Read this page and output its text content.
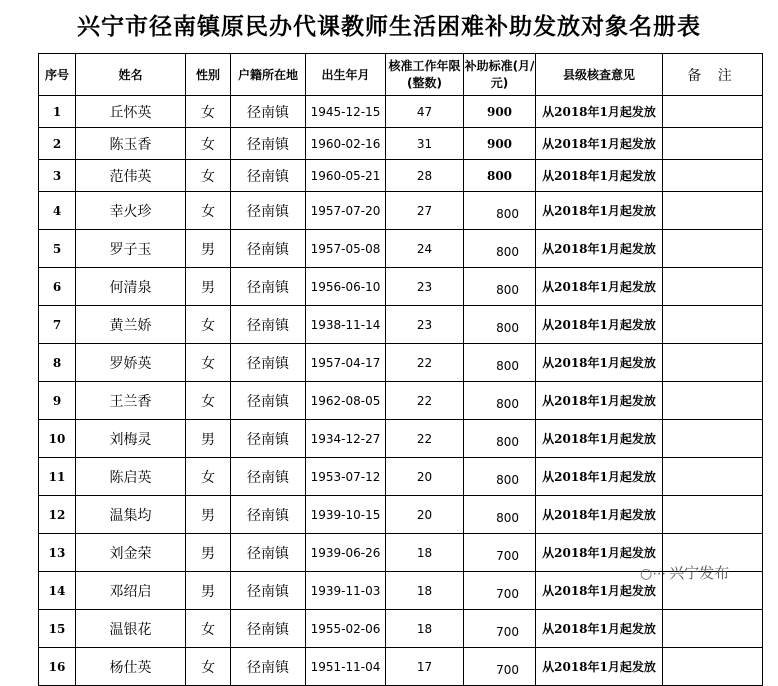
兴宁市径南镇原民办代课教师生活困难补助发放对象名册表
序号	姓名	性别	户籍所在地	出生年月	核准工作年限(整数)	补助标准(月/元)	县级核查意见	备 注
1	丘怀英	女	径南镇	1945-12-15	47	900	从2018年1月起发放	
2	陈玉香	女	径南镇	1960-02-16	31	900	从2018年1月起发放	
3	范伟英	女	径南镇	1960-05-21	28	800	从2018年1月起发放	
4	幸火珍	女	径南镇	1957-07-20	27	800	从2018年1月起发放	
5	罗子玉	男	径南镇	1957-05-08	24	800	从2018年1月起发放	
6	何清泉	男	径南镇	1956-06-10	23	800	从2018年1月起发放	
7	黄兰娇	女	径南镇	1938-11-14	23	800	从2018年1月起发放	
8	罗娇英	女	径南镇	1957-04-17	22	800	从2018年1月起发放	
9	王兰香	女	径南镇	1962-08-05	22	800	从2018年1月起发放	
10	刘梅灵	男	径南镇	1934-12-27	22	800	从2018年1月起发放	
11	陈启英	女	径南镇	1953-07-12	20	800	从2018年1月起发放	
12	温集均	男	径南镇	1939-10-15	20	800	从2018年1月起发放	
13	刘金荣	男	径南镇	1939-06-26	18	700	从2018年1月起发放	
14	邓绍启	男	径南镇	1939-11-03	18	700	从2018年1月起发放	
15	温银花	女	径南镇	1955-02-06	18	700	从2018年1月起发放	
16	杨仕英	女	径南镇	1951-11-04	17	700	从2018年1月起发放	
○⋯ 兴宁发布
